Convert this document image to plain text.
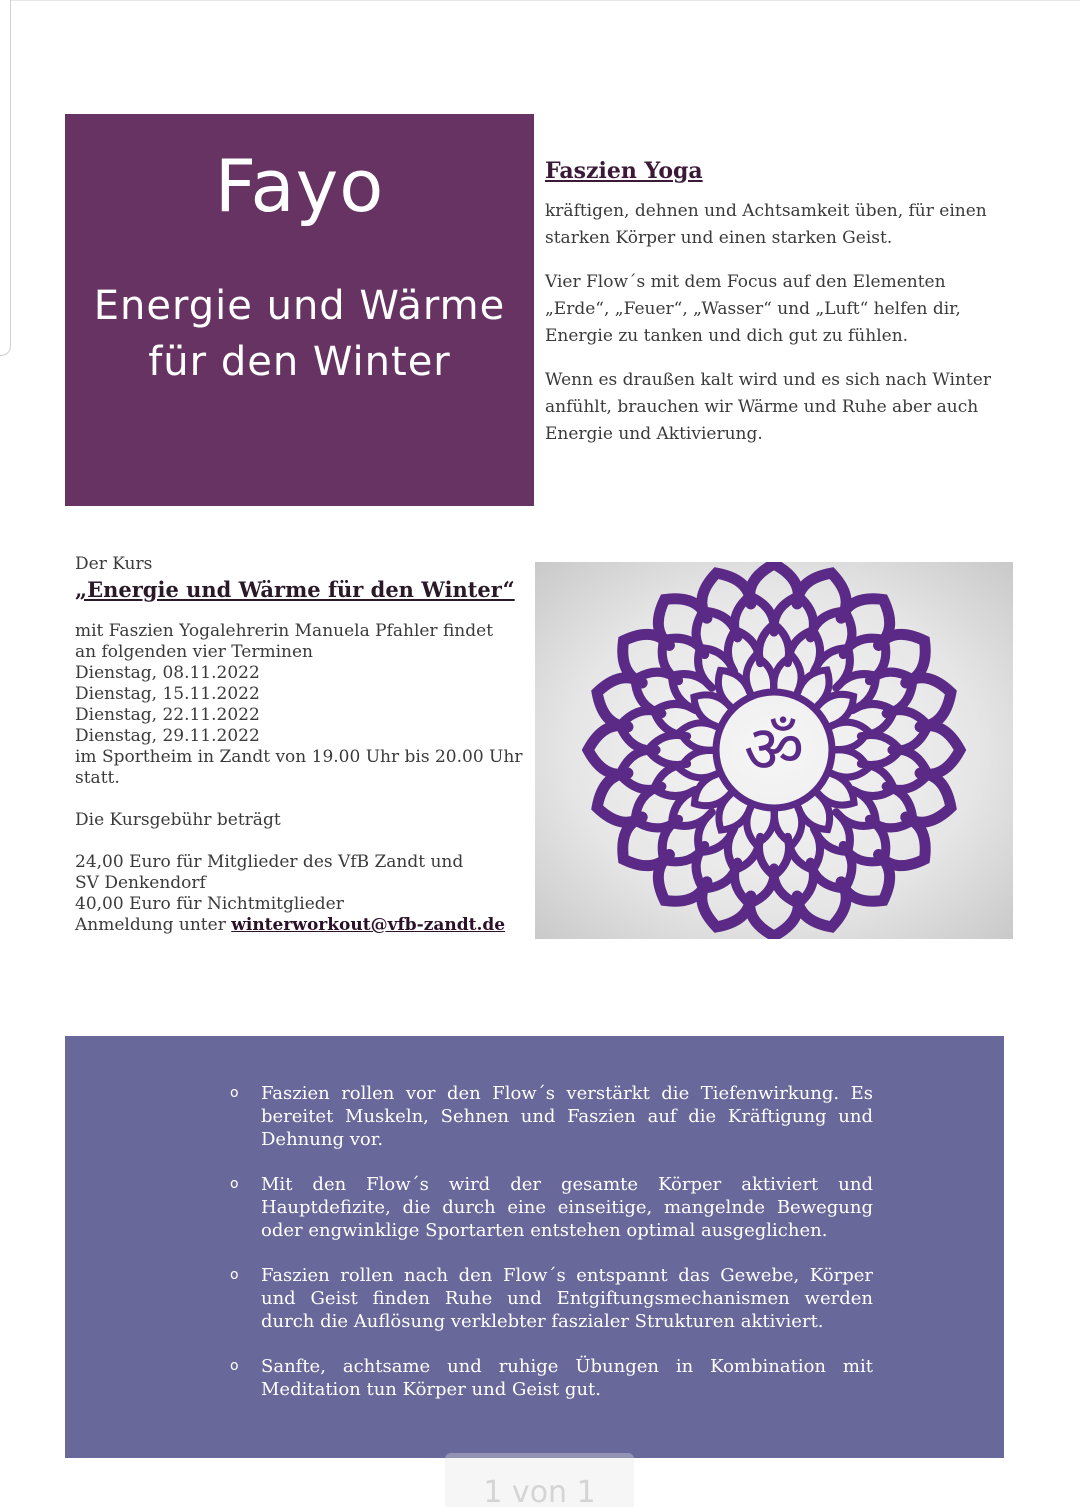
Fayo
Energie und Wärme
für den Winter
Faszien Yoga

kräftigen, dehnen und Achtsamkeit üben, für einen starken Körper und einen starken Geist.

Vier Flow´s mit dem Focus auf den Elementen „Erde“, „Feuer“, „Wasser“ und „Luft“ helfen dir, Energie zu tanken und dich gut zu fühlen.

Wenn es draußen kalt wird und es sich nach Winter anfühlt, brauchen wir Wärme und Ruhe aber auch Energie und Aktivierung.

Der Kurs
„Energie und Wärme für den Winter“
mit Faszien Yogalehrerin Manuela Pfahler findet
an folgenden vier Terminen
Dienstag, 08.11.2022
Dienstag, 15.11.2022
Dienstag, 22.11.2022
Dienstag, 29.11.2022
im Sportheim in Zandt von 19.00 Uhr bis 20.00 Uhr
statt.
Die Kursgebühr beträgt
24,00 Euro für Mitglieder des VfB Zandt und
SV Denkendorf
40,00 Euro für Nichtmitglieder
Anmeldung unter winterworkout@vfb-zandt.de
ॐ
o Faszien rollen vor den Flow´s verstärkt die Tiefenwirkung. Es bereitet Muskeln, Sehnen und Faszien auf die Kräftigung und Dehnung vor.
o Mit den Flow´s wird der gesamte Körper aktiviert und Hauptdefizite, die durch eine einseitige, mangelnde Bewegung oder engwinklige Sportarten entstehen optimal ausgeglichen.
o Faszien rollen nach den Flow´s entspannt das Gewebe, Körper und Geist finden Ruhe und Entgiftungsmechanismen werden durch die Auflösung verklebter faszialer Strukturen aktiviert.
o Sanfte, achtsame und ruhige Übungen in Kombination mit Meditation tun Körper und Geist gut.
1 von 1
